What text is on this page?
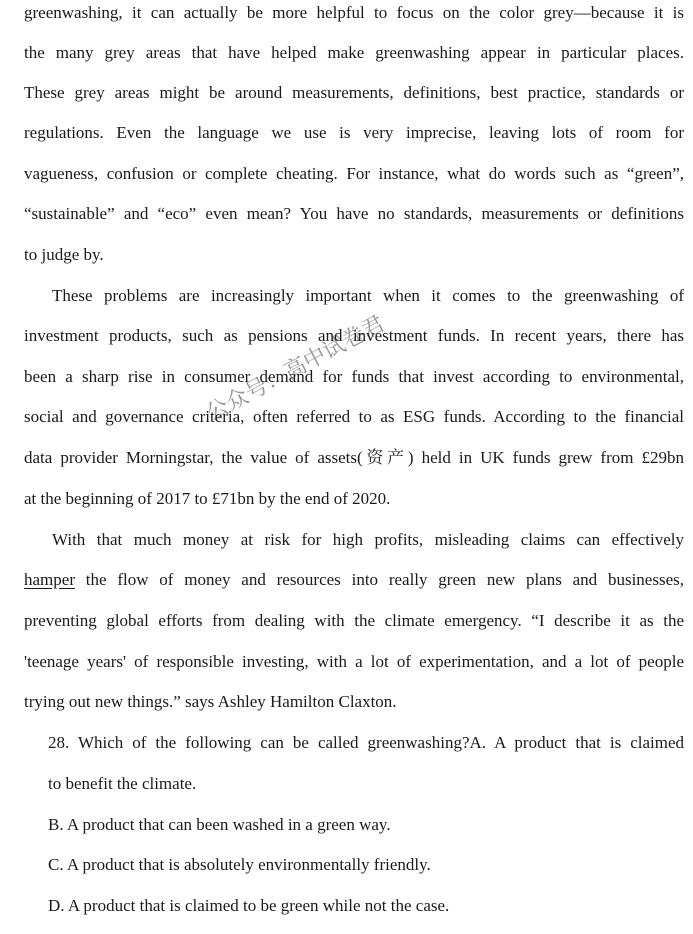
greenwashing, it can actually be more helpful to focus on the color grey—because it is
the many grey areas that have helped make greenwashing appear in particular places.
These grey areas might be around measurements, definitions, best practice, standards or
regulations. Even the language we use is very imprecise, leaving lots of room for
vagueness, confusion or complete cheating. For instance, what do words such as “green”,
“sustainable” and “eco” even mean? You have no standards, measurements or definitions
to judge by.
These problems are increasingly important when it comes to the greenwashing of
investment products, such as pensions and investment funds. In recent years, there has
been a sharp rise in consumer demand for funds that invest according to environmental,
social and governance criteria, often referred to as ESG funds. According to the financial
data provider Morningstar, the value of assets(资产) held in UK funds grew from £29bn
at the beginning of 2017 to £71bn by the end of 2020.
With that much money at risk for high profits, misleading claims can effectively
hamper the flow of money and resources into really green new plans and businesses,
preventing global efforts from dealing with the climate emergency. “I describe it as the
'teenage years' of responsible investing, with a lot of experimentation, and a lot of people
trying out new things.” says Ashley Hamilton Claxton.
28. Which of the following can be called greenwashing?A. A product that is claimed
to benefit the climate.
B. A product that can been washed in a green way.
C. A product that is absolutely environmentally friendly.
D. A product that is claimed to be green while not the case.
公众号：高中试卷君
